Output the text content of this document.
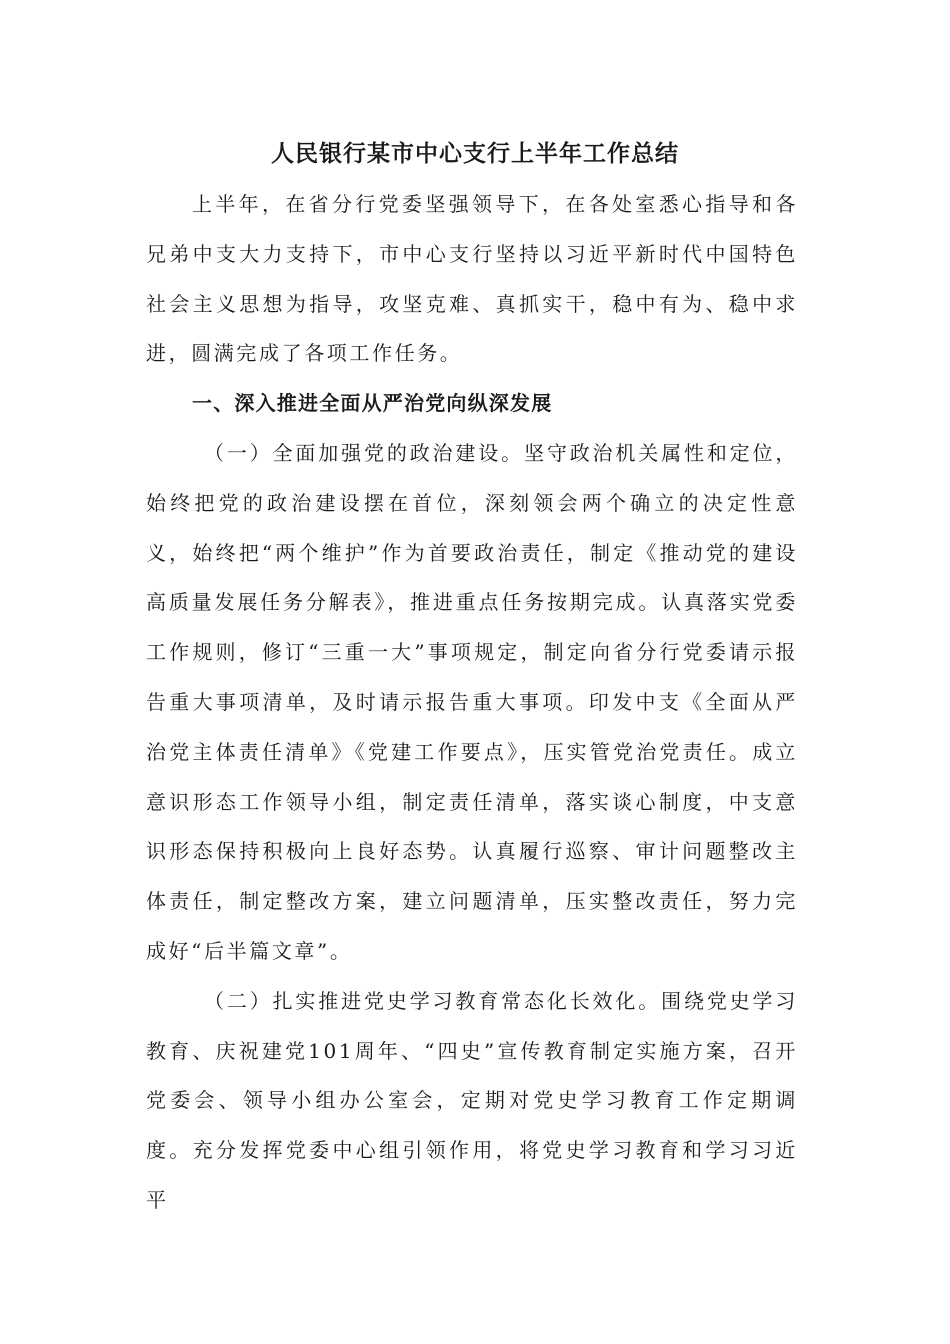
人民银行某市中心支行上半年工作总结

上半年，在省分行党委坚强领导下，在各处室悉心指导和各兄弟中支大力支持下，市中心支行坚持以习近平新时代中国特色社会主义思想为指导，攻坚克难、真抓实干，稳中有为、稳中求进，圆满完成了各项工作任务。

一、深入推进全面从严治党向纵深发展

（一）全面加强党的政治建设。坚守政治机关属性和定位，始终把党的政治建设摆在首位，深刻领会两个确立的决定性意义，始终把“两个维护”作为首要政治责任，制定《推动党的建设高质量发展任务分解表》，推进重点任务按期完成。认真落实党委工作规则，修订“三重一大”事项规定，制定向省分行党委请示报告重大事项清单，及时请示报告重大事项。印发中支《全面从严治党主体责任清单》《党建工作要点》，压实管党治党责任。成立意识形态工作领导小组，制定责任清单，落实谈心制度，中支意识形态保持积极向上良好态势。认真履行巡察、审计问题整改主体责任，制定整改方案，建立问题清单，压实整改责任，努力完成好“后半篇文章”。

（二）扎实推进党史学习教育常态化长效化。围绕党史学习教育、庆祝建党101周年、“四史”宣传教育制定实施方案，召开党委会、领导小组办公室会，定期对党史学习教育工作定期调度。充分发挥党委中心组引领作用，将党史学习教育和学习习近平
